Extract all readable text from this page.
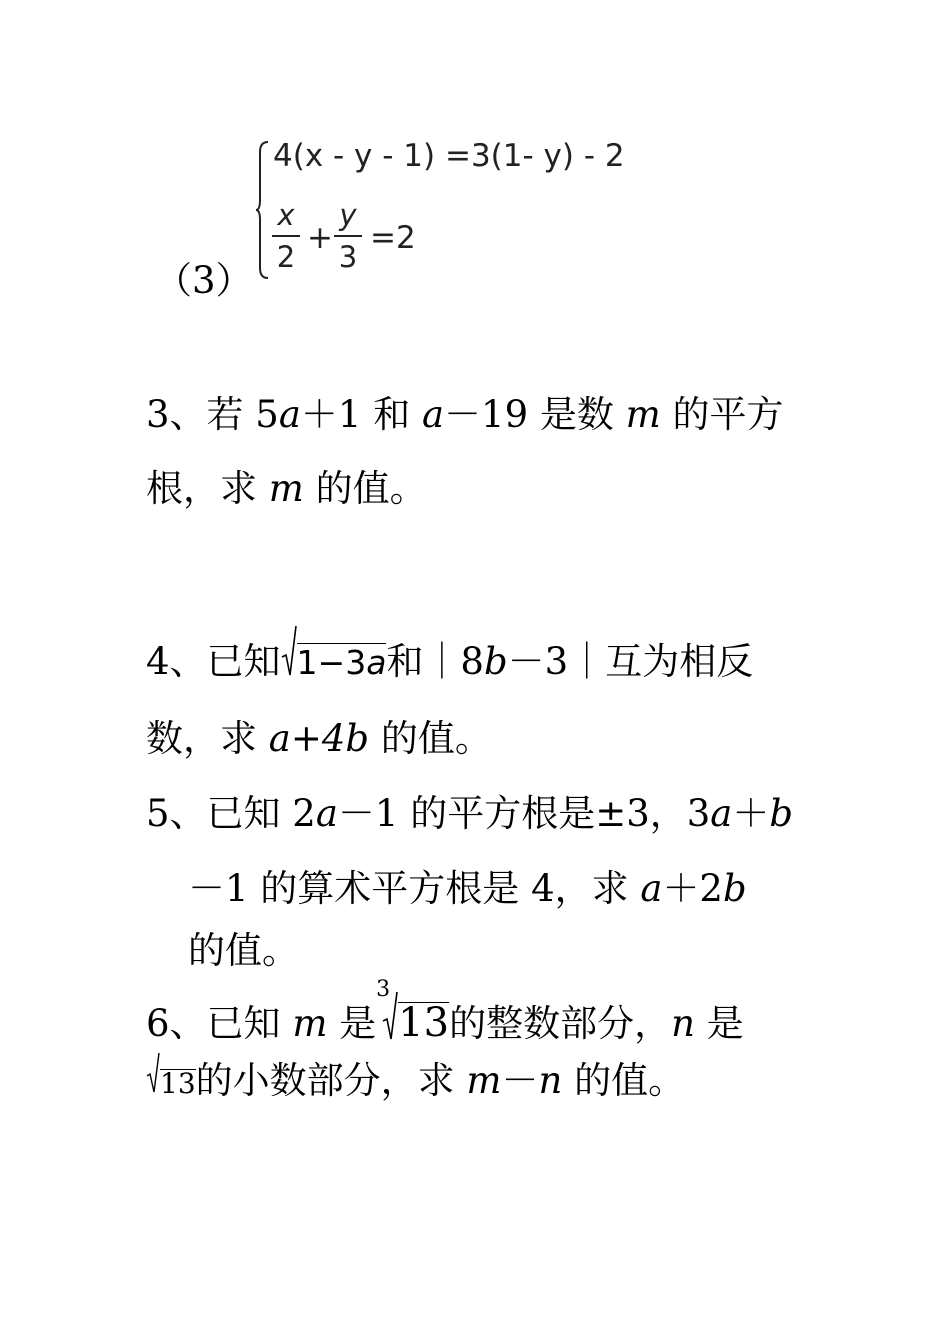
（3）
4(x - y - 1) =3(1- y) - 2
x
2
+
y
3
=2
3、若 5a＋1 和 a－19 是数 m 的平方
根，求 m 的值。
4、已知 1−3a和｜8b－3｜互为相反
数，求 a+4b 的值。
5、已知 2a－1 的平方根是±3，3a＋b
－1 的算术平方根是 4，求 a＋2b
的值。
6、已知 m 是
3
13的整数部分，n 是
13的小数部分，求 m－n 的值。
